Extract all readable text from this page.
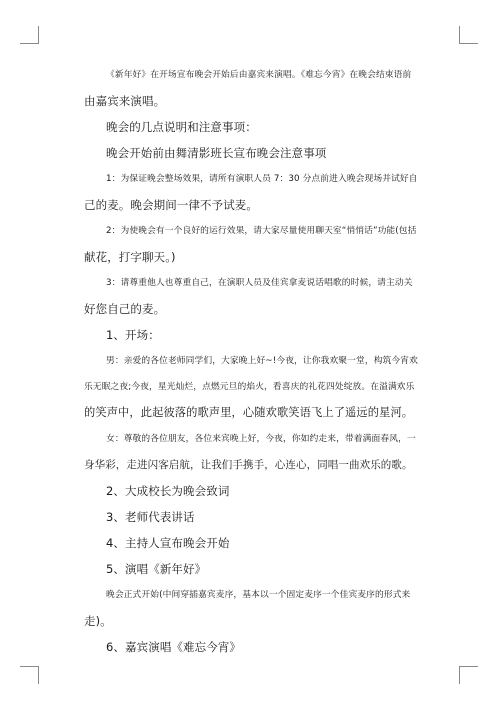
《新年好》在开场宣布晚会开始后由嘉宾来演唱。《难忘今宵》在晚会结束语前
由嘉宾来演唱。
晚会的几点说明和注意事项：
晚会开始前由舞清影班长宣布晚会注意事项
1：为保证晚会整场效果，请所有演职人员 7：30 分点前进入晚会现场并试好自
己的麦。晚会期间一律不予试麦。
2：为使晚会有一个良好的运行效果，请大家尽量使用聊天室“悄悄话”功能(包括
献花，打字聊天。)
3：请尊重他人也尊重自己，在演职人员及佳宾拿麦说话唱歌的时候，请主动关
好您自己的麦。
1、开场：
男：亲爱的各位老师同学们，大家晚上好~!今夜，让你我欢聚一堂，构筑今宵欢
乐无眠之夜;今夜，星光灿烂，点燃元旦的焰火，看喜庆的礼花四处绽放。在溢满欢乐
的笑声中，此起彼落的歌声里，心随欢歌笑语飞上了遥远的星河。
女：尊敬的各位朋友，各位来宾晚上好，今夜，你如约走来，带着满面春风，一
身华彩，走进闪客启航，让我们手携手，心连心，同唱一曲欢乐的歌。
2、大成校长为晚会致词
3、老师代表讲话
4、主持人宣布晚会开始
5、演唱《新年好》
晚会正式开始(中间穿插嘉宾麦序，基本以一个固定麦序一个佳宾麦序的形式来
走)。
6、嘉宾演唱《难忘今宵》
